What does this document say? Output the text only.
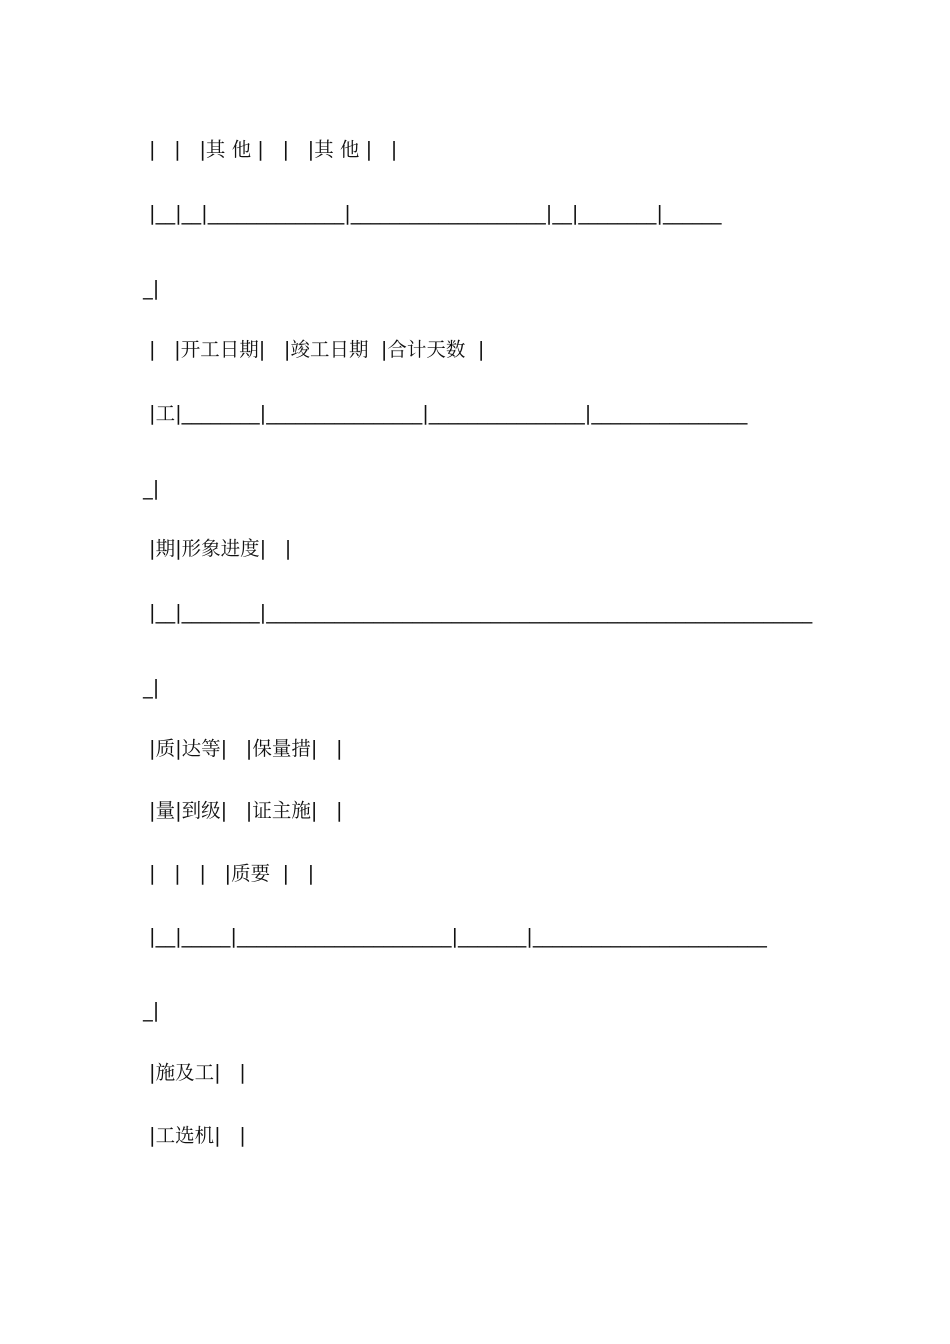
|   |   |其 他 |   |   |其 他 |   |
|__|__|______________|____________________|__|________|______
_|
|   |开工日期|   |竣工日期  |合计天数  |
|工|________|________________|________________|________________
_|
|期|形象进度|   |
|__|________|________________________________________________________
_|
|质|达等|   |保量措|   |
|量|到级|   |证主施|   |
|   |   |   |质要  |   |
|__|_____|______________________|_______|________________________
_|
|施及工|   |
|工选机|   |
